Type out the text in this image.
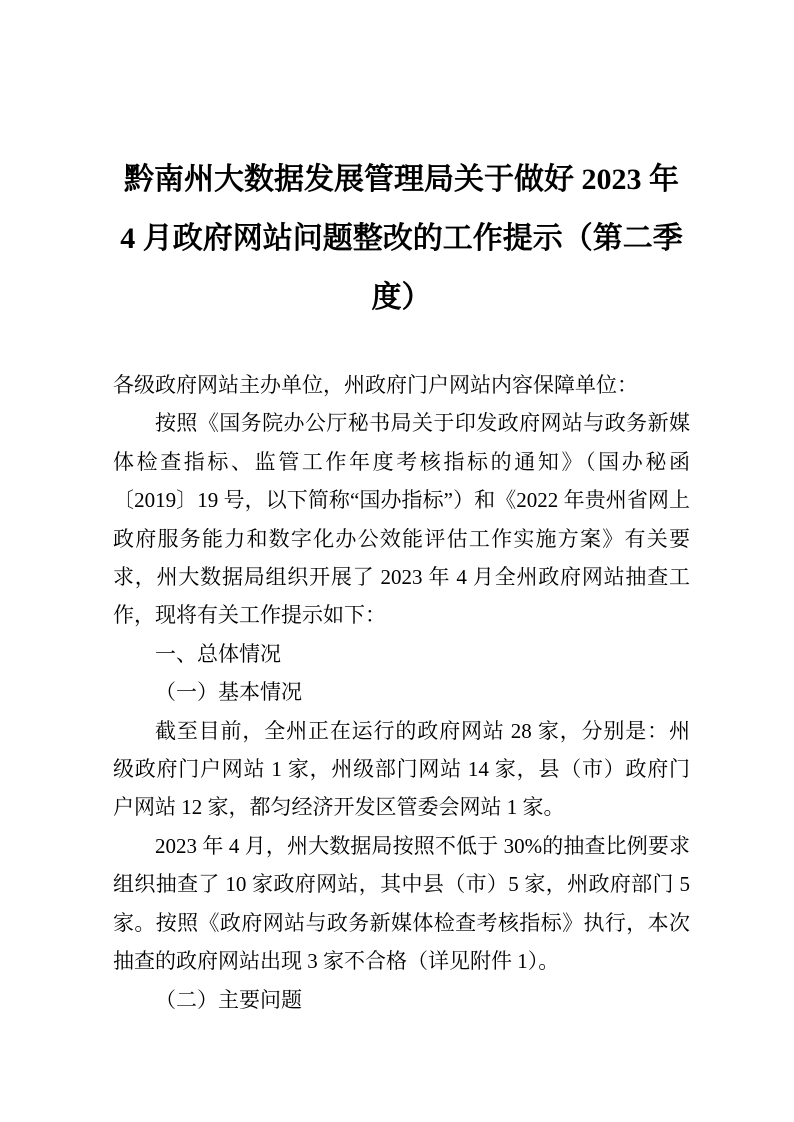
黔南州大数据发展管理局关于做好 2023 年 4 月政府网站问题整改的工作提示（第二季度）

各级政府网站主办单位，州政府门户网站内容保障单位：

按照《国务院办公厅秘书局关于印发政府网站与政务新媒体检查指标、监管工作年度考核指标的通知》（国办秘函〔2019〕19 号，以下简称“国办指标”）和《2022 年贵州省网上政府服务能力和数字化办公效能评估工作实施方案》有关要求，州大数据局组织开展了 2023 年 4 月全州政府网站抽查工作，现将有关工作提示如下：

一、总体情况

（一）基本情况

截至目前，全州正在运行的政府网站 28 家，分别是：州级政府门户网站 1 家，州级部门网站 14 家，县（市）政府门户网站 12 家，都匀经济开发区管委会网站 1 家。

2023 年 4 月，州大数据局按照不低于 30%的抽查比例要求组织抽查了 10 家政府网站，其中县（市）5 家，州政府部门 5 家。按照《政府网站与政务新媒体检查考核指标》执行，本次抽查的政府网站出现 3 家不合格（详见附件 1）。

（二）主要问题
